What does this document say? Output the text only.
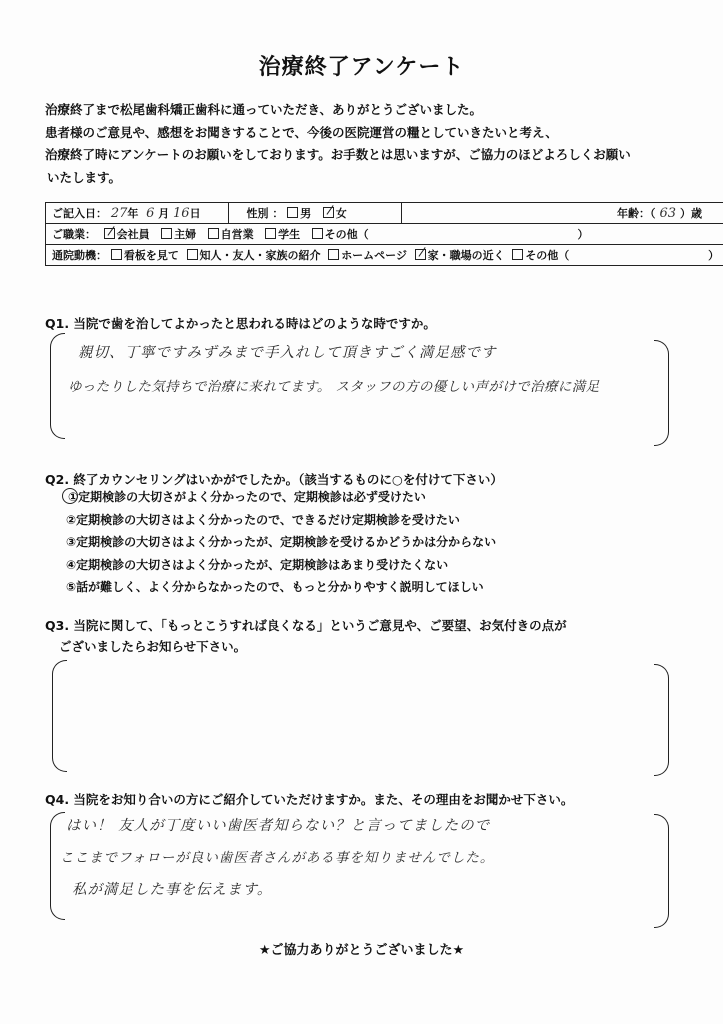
治療終了アンケート
治療終了まで松尾歯科矯正歯科に通っていただき、ありがとうございました。
患者様のご意見や、感想をお聞きすることで、今後の医院運営の糧としていきたいと考え、
治療終了時にアンケートのお願いをしております。お手数とは思いますが、ご協力のほどよろしくお願い
いたします。
ご記入日： 27年 6 月 16日	性別 ： 男 女	年齢：（ 63 ）歳
ご職業： 会社員 主婦 自営業 学生 その他（	）
通院動機： 看板を見て 知人・友人・家族の紹介 ホームページ 家・職場の近く その他（	）
Q1. 当院で歯を治してよかったと思われる時はどのような時ですか。
親切、丁寧ですみずみまで手入れして頂きすごく満足感です
ゆったりした気持ちで治療に来れてます。 スタッフの方の優しい声がけで治療に満足
Q2. 終了カウンセリングはいかがでしたか。（該当するものに○を付けて下さい）
①定期検診の大切さがよく分かったので、定期検診は必ず受けたい
②定期検診の大切さはよく分かったので、できるだけ定期検診を受けたい
③定期検診の大切さはよく分かったが、定期検診を受けるかどうかは分からない
④定期検診の大切さはよく分かったが、定期検診はあまり受けたくない
⑤話が難しく、よく分からなかったので、もっと分かりやすく説明してほしい
Q3. 当院に関して、「もっとこうすれば良くなる」というご意見や、ご要望、お気付きの点が
ございましたらお知らせ下さい。
Q4. 当院をお知り合いの方にご紹介していただけますか。また、その理由をお聞かせ下さい。
はい！ 友人が丁度いい歯医者知らない？と言ってましたので
ここまでフォローが良い歯医者さんがある事を知りませんでした。
私が満足した事を伝えます。
★ご協力ありがとうございました★
